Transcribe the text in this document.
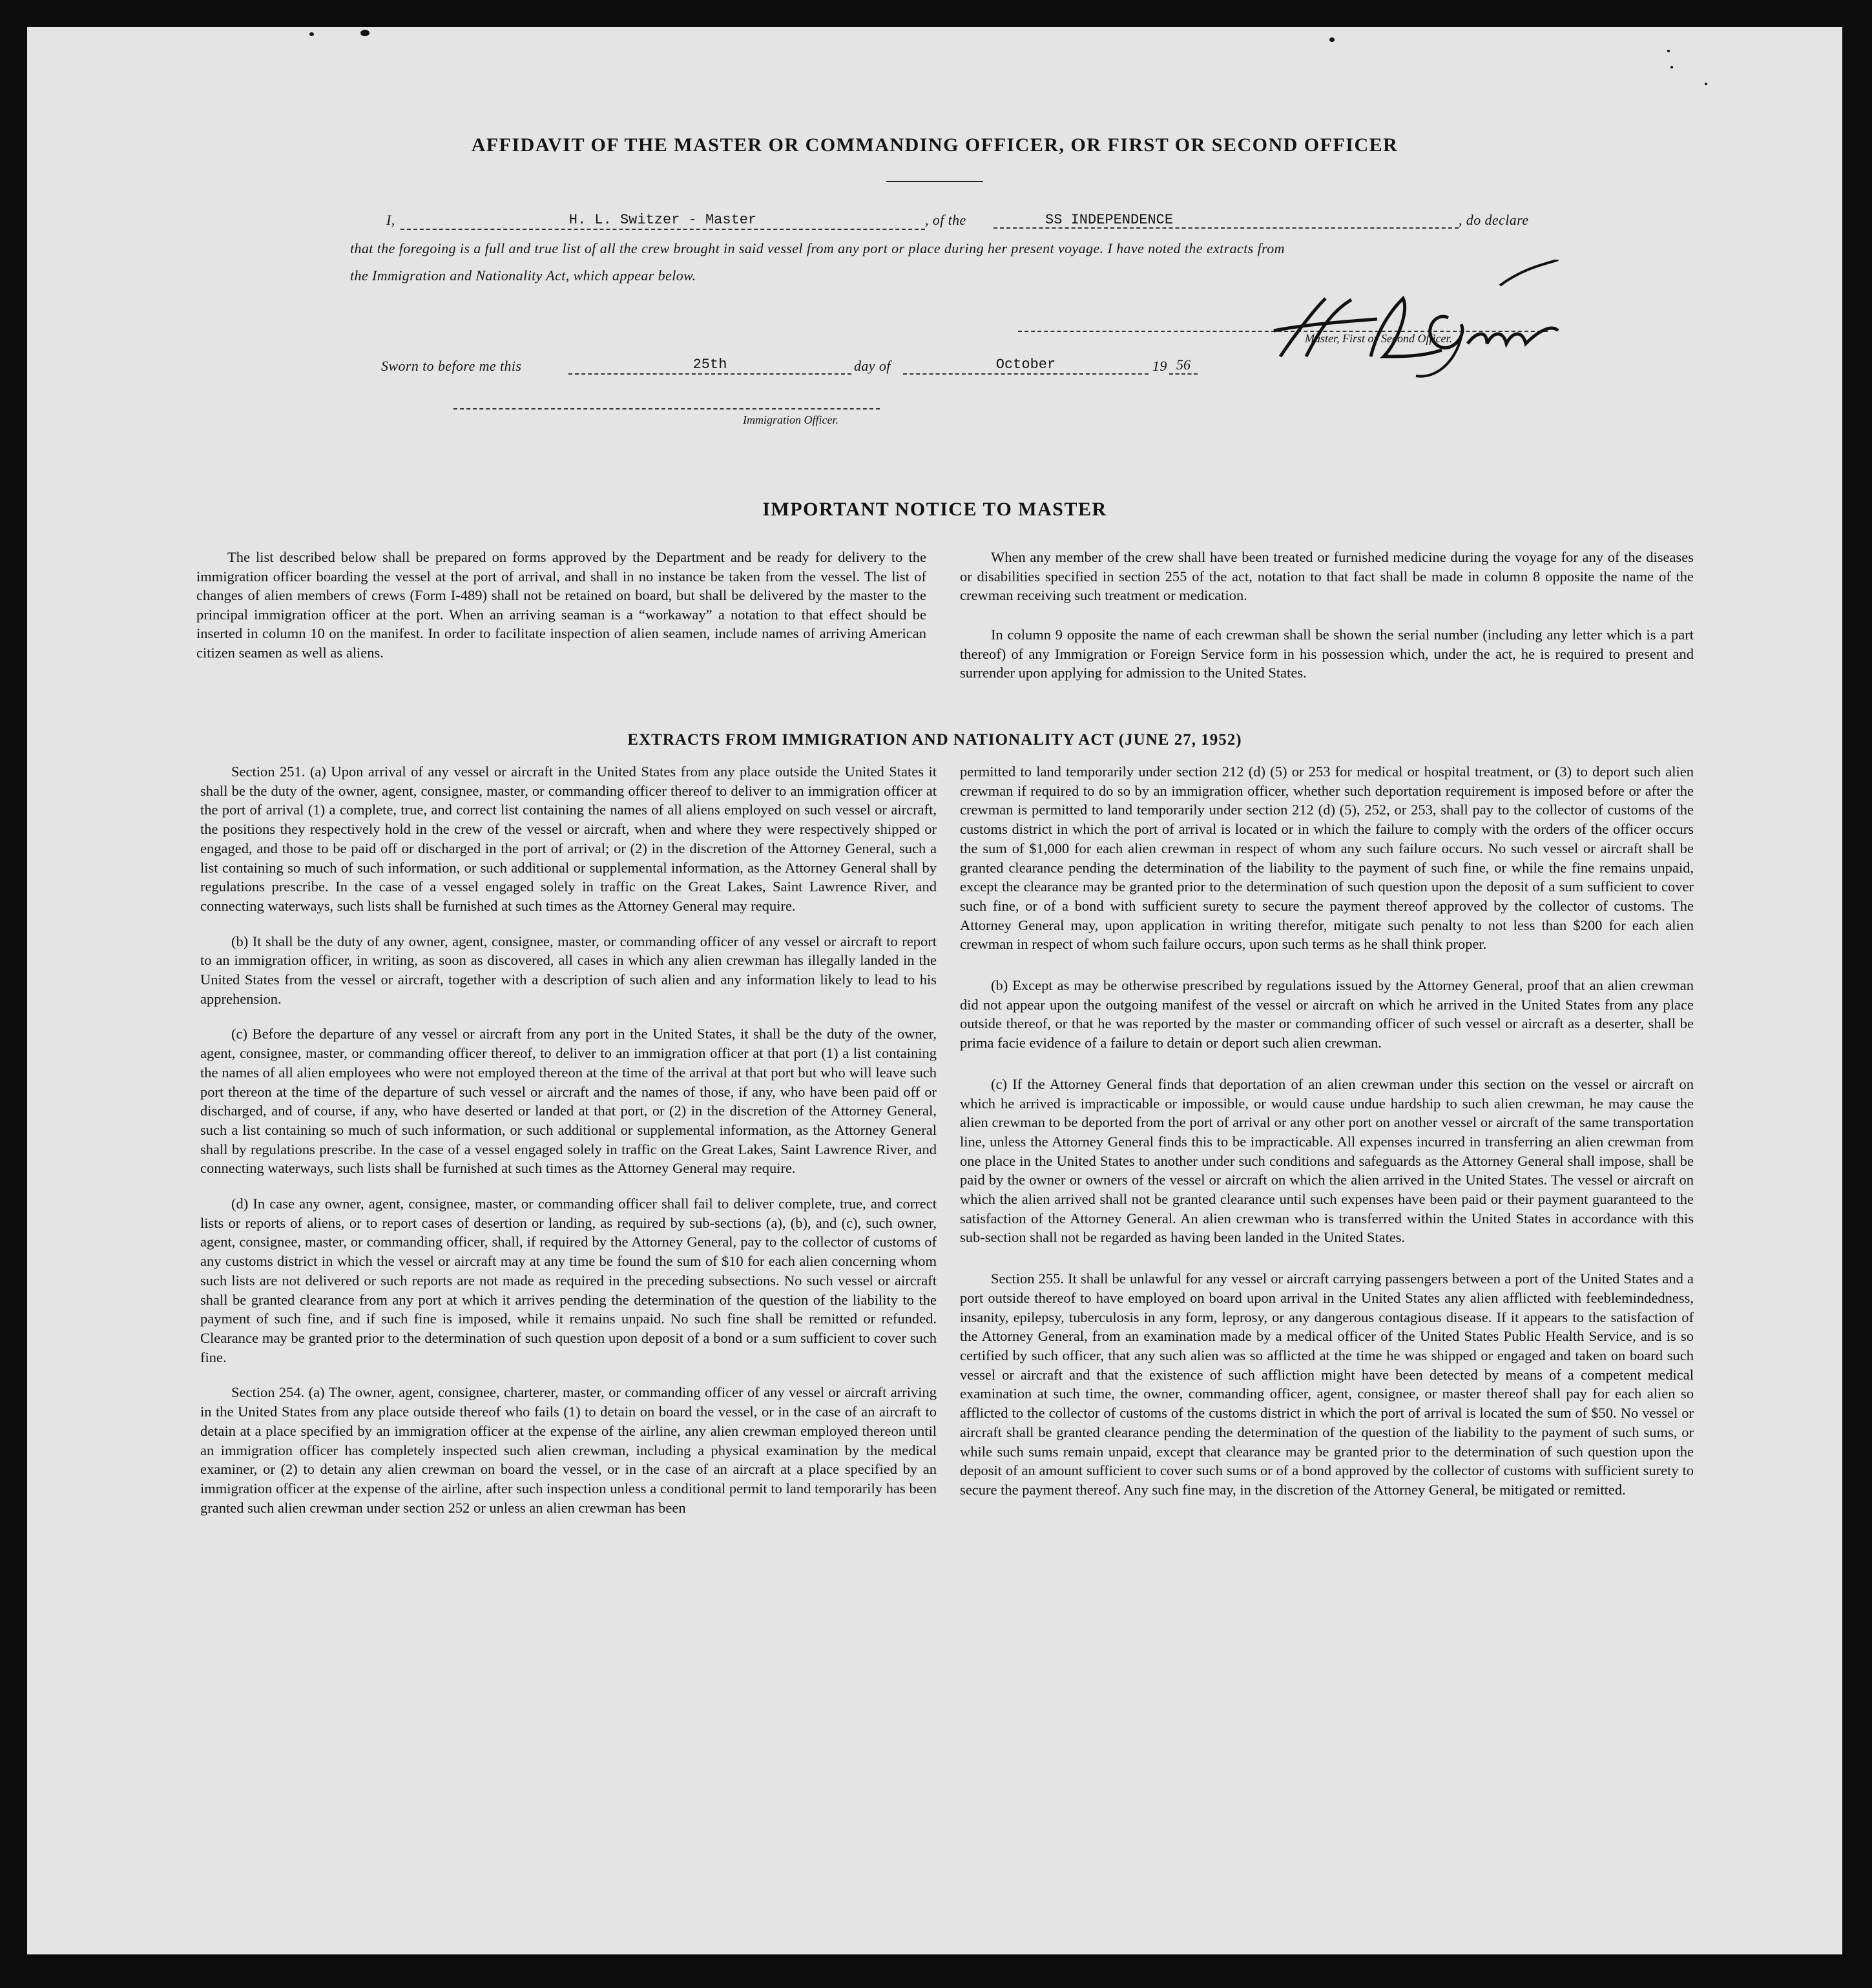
AFFIDAVIT OF THE MASTER OR COMMANDING OFFICER, OR FIRST OR SECOND OFFICER
I,	H. L. Switzer - Master	, of the	SS INDEPENDENCE	, do declare
that the foregoing is a full and true list of all the crew brought in said vessel from any port or place during her present voyage. I have noted the extracts from
the Immigration and Nationality Act, which appear below.
Master, First or Second Officer.
Sworn to before me this	25th	day of	October	19 56
Immigration Officer.
IMPORTANT NOTICE TO MASTER

The list described below shall be prepared on forms approved by the Department and be ready for delivery to the immigration officer boarding the vessel at the port of arrival, and shall in no instance be taken from the vessel. The list of changes of alien members of crews (Form I-489) shall not be retained on board, but shall be delivered by the master to the principal immigration officer at the port. When an arriving seaman is a “workaway” a notation to that effect should be inserted in column 10 on the manifest. In order to facilitate inspection of alien seamen, include names of arriving American citizen seamen as well as aliens.

When any member of the crew shall have been treated or furnished medicine during the voyage for any of the diseases or disabilities specified in section 255 of the act, notation to that fact shall be made in column 8 opposite the name of the crewman receiving such treatment or medication.

In column 9 opposite the name of each crewman shall be shown the serial number (including any letter which is a part thereof) of any Immigration or Foreign Service form in his possession which, under the act, he is required to present and surrender upon applying for admission to the United States.

EXTRACTS FROM IMMIGRATION AND NATIONALITY ACT (JUNE 27, 1952)

Section 251. (a) Upon arrival of any vessel or aircraft in the United States from any place outside the United States it shall be the duty of the owner, agent, consignee, master, or commanding officer thereof to deliver to an immigration officer at the port of arrival (1) a complete, true, and correct list containing the names of all aliens employed on such vessel or aircraft, the positions they respectively hold in the crew of the vessel or aircraft, when and where they were respectively shipped or engaged, and those to be paid off or discharged in the port of arrival; or (2) in the discretion of the Attorney General, such a list containing so much of such information, or such additional or supplemental information, as the Attorney General shall by regulations prescribe. In the case of a vessel engaged solely in traffic on the Great Lakes, Saint Lawrence River, and connecting waterways, such lists shall be furnished at such times as the Attorney General may require.

(b) It shall be the duty of any owner, agent, consignee, master, or commanding officer of any vessel or aircraft to report to an immigration officer, in writing, as soon as discovered, all cases in which any alien crewman has illegally landed in the United States from the vessel or aircraft, together with a description of such alien and any information likely to lead to his apprehension.

(c) Before the departure of any vessel or aircraft from any port in the United States, it shall be the duty of the owner, agent, consignee, master, or commanding officer thereof, to deliver to an immigration officer at that port (1) a list containing the names of all alien employees who were not employed thereon at the time of the arrival at that port but who will leave such port thereon at the time of the departure of such vessel or aircraft and the names of those, if any, who have been paid off or discharged, and of course, if any, who have deserted or landed at that port, or (2) in the discretion of the Attorney General, such a list containing so much of such information, or such additional or supplemental information, as the Attorney General shall by regulations prescribe. In the case of a vessel engaged solely in traffic on the Great Lakes, Saint Lawrence River, and connecting waterways, such lists shall be furnished at such times as the Attorney General may require.

(d) In case any owner, agent, consignee, master, or commanding officer shall fail to deliver complete, true, and correct lists or reports of aliens, or to report cases of desertion or landing, as required by sub-sections (a), (b), and (c), such owner, agent, consignee, master, or commanding officer, shall, if required by the Attorney General, pay to the collector of customs of any customs district in which the vessel or aircraft may at any time be found the sum of $10 for each alien concerning whom such lists are not delivered or such reports are not made as required in the preceding subsections. No such vessel or aircraft shall be granted clearance from any port at which it arrives pending the determination of the question of the liability to the payment of such fine, and if such fine is imposed, while it remains unpaid. No such fine shall be remitted or refunded. Clearance may be granted prior to the determination of such question upon deposit of a bond or a sum sufficient to cover such fine.

Section 254. (a) The owner, agent, consignee, charterer, master, or commanding officer of any vessel or aircraft arriving in the United States from any place outside thereof who fails (1) to detain on board the vessel, or in the case of an aircraft to detain at a place specified by an immigration officer at the expense of the airline, any alien crewman employed thereon until an immigration officer has completely inspected such alien crewman, including a physical examination by the medical examiner, or (2) to detain any alien crewman on board the vessel, or in the case of an aircraft at a place specified by an immigration officer at the expense of the airline, after such inspection unless a conditional permit to land temporarily has been granted such alien crewman under section 252 or unless an alien crewman has been

permitted to land temporarily under section 212 (d) (5) or 253 for medical or hospital treatment, or (3) to deport such alien crewman if required to do so by an immigration officer, whether such deportation requirement is imposed before or after the crewman is permitted to land temporarily under section 212 (d) (5), 252, or 253, shall pay to the collector of customs of the customs district in which the port of arrival is located or in which the failure to comply with the orders of the officer occurs the sum of $1,000 for each alien crewman in respect of whom any such failure occurs. No such vessel or aircraft shall be granted clearance pending the determination of the liability to the payment of such fine, or while the fine remains unpaid, except the clearance may be granted prior to the determination of such question upon the deposit of a sum sufficient to cover such fine, or of a bond with sufficient surety to secure the payment thereof approved by the collector of customs. The Attorney General may, upon application in writing therefor, mitigate such penalty to not less than $200 for each alien crewman in respect of whom such failure occurs, upon such terms as he shall think proper.

(b) Except as may be otherwise prescribed by regulations issued by the Attorney General, proof that an alien crewman did not appear upon the outgoing manifest of the vessel or aircraft on which he arrived in the United States from any place outside thereof, or that he was reported by the master or commanding officer of such vessel or aircraft as a deserter, shall be prima facie evidence of a failure to detain or deport such alien crewman.

(c) If the Attorney General finds that deportation of an alien crewman under this section on the vessel or aircraft on which he arrived is impracticable or impossible, or would cause undue hardship to such alien crewman, he may cause the alien crewman to be deported from the port of arrival or any other port on another vessel or aircraft of the same transportation line, unless the Attorney General finds this to be impracticable. All expenses incurred in transferring an alien crewman from one place in the United States to another under such conditions and safeguards as the Attorney General shall impose, shall be paid by the owner or owners of the vessel or aircraft on which the alien arrived in the United States. The vessel or aircraft on which the alien arrived shall not be granted clearance until such expenses have been paid or their payment guaranteed to the satisfaction of the Attorney General. An alien crewman who is transferred within the United States in accordance with this sub-section shall not be regarded as having been landed in the United States.

Section 255. It shall be unlawful for any vessel or aircraft carrying passengers between a port of the United States and a port outside thereof to have employed on board upon arrival in the United States any alien afflicted with feeblemindedness, insanity, epilepsy, tuberculosis in any form, leprosy, or any dangerous contagious disease. If it appears to the satisfaction of the Attorney General, from an examination made by a medical officer of the United States Public Health Service, and is so certified by such officer, that any such alien was so afflicted at the time he was shipped or engaged and taken on board such vessel or aircraft and that the existence of such affliction might have been detected by means of a competent medical examination at such time, the owner, commanding officer, agent, consignee, or master thereof shall pay for each alien so afflicted to the collector of customs of the customs district in which the port of arrival is located the sum of $50. No vessel or aircraft shall be granted clearance pending the determination of the question of the liability to the payment of such sums, or while such sums remain unpaid, except that clearance may be granted prior to the determination of such question upon the deposit of an amount sufficient to cover such sums or of a bond approved by the collector of customs with sufficient surety to secure the payment thereof. Any such fine may, in the discretion of the Attorney General, be mitigated or remitted.
